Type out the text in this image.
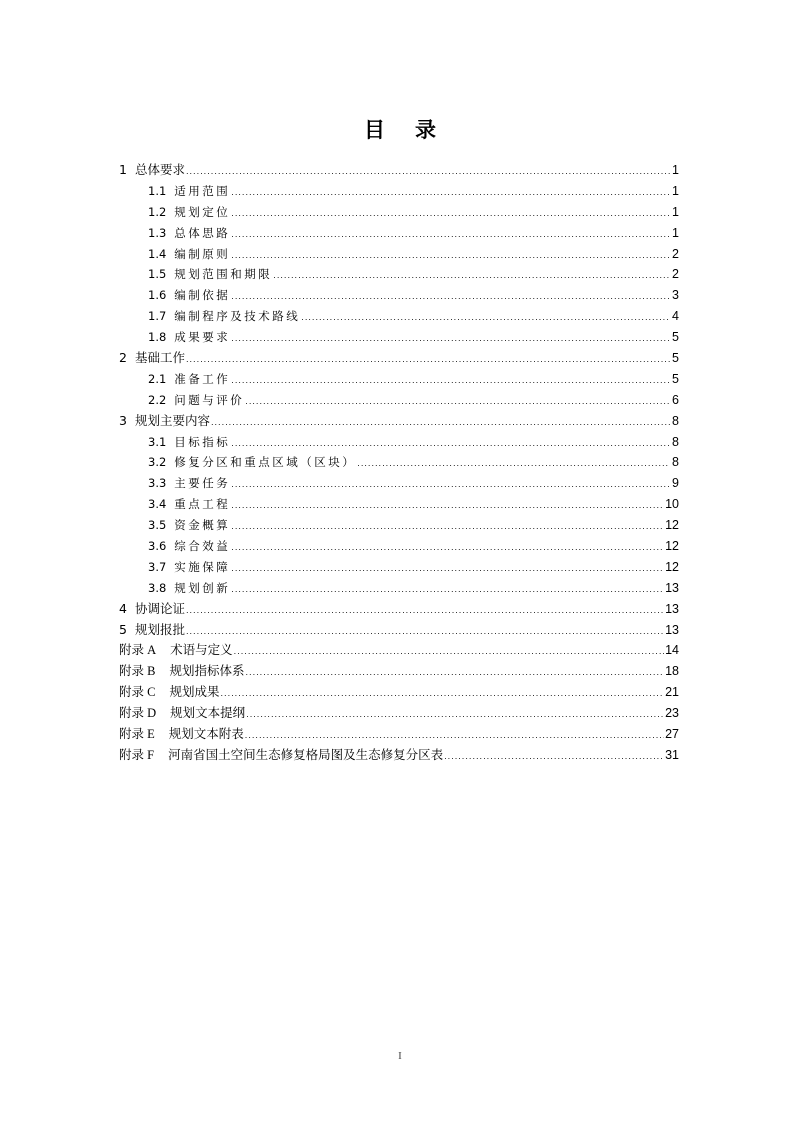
目 录
1 总体要求 .....	1
1.1 适用范围 .....	1
1.2 规划定位 .....	1
1.3 总体思路 .....	1
1.4 编制原则 .....	2
1.5 规划范围和期限 .....	2
1.6 编制依据 .....	3
1.7 编制程序及技术路线 .....	4
1.8 成果要求 .....	5
2 基础工作 .....	5
2.1 准备工作 .....	5
2.2 问题与评价 .....	6
3 规划主要内容 .....	8
3.1 目标指标 .....	8
3.2 修复分区和重点区域（区块） .....	8
3.3 主要任务 .....	9
3.4 重点工程 .....	10
3.5 资金概算 .....	12
3.6 综合效益 .....	12
3.7 实施保障 .....	12
3.8 规划创新 .....	13
4 协调论证 .....	13
5 规划报批 .....	13
附录 A 术语与定义 .....	14
附录 B 规划指标体系 .....	18
附录 C 规划成果 .....	21
附录 D 规划文本提纲 .....	23
附录 E 规划文本附表 .....	27
附录 F 河南省国土空间生态修复格局图及生态修复分区表 .....	31
I
